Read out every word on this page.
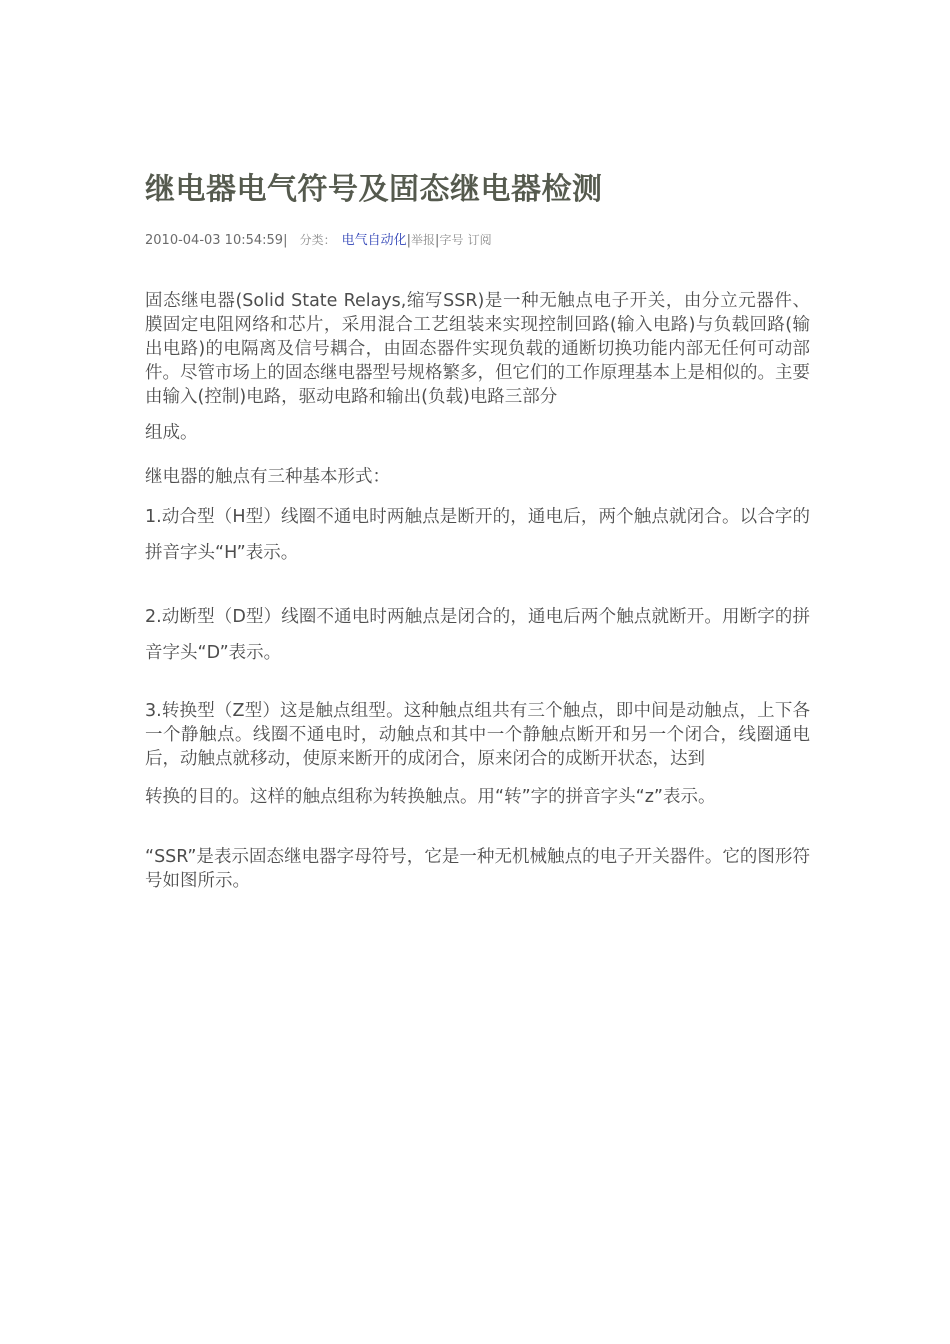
继电器电气符号及固态继电器检测
2010-04-03 10:54:59| 分类： 电气自动化|举报|字号 订阅

固态继电器(Solid State Relays,缩写SSR)是一种无触点电子开关，由分立元器件、膜固定电阻网络和芯片，采用混合工艺组装来实现控制回路(输入电路)与负载回路(输出电路)的电隔离及信号耦合，由固态器件实现负载的通断切换功能内部无任何可动部件。尽管市场上的固态继电器型号规格繁多，但它们的工作原理基本上是相似的。主要由输入(控制)电路，驱动电路和输出(负载)电路三部分
组成。

继电器的触点有三种基本形式：

1.动合型（H型）线圈不通电时两触点是断开的，通电后，两个触点就闭合。以合字的拼音字头“H”表示。

2.动断型（D型）线圈不通电时两触点是闭合的，通电后两个触点就断开。用断字的拼音字头“D”表示。

3.转换型（Z型）这是触点组型。这种触点组共有三个触点，即中间是动触点，上下各一个静触点。线圈不通电时，动触点和其中一个静触点断开和另一个闭合，线圈通电后，动触点就移动，使原来断开的成闭合，原来闭合的成断开状态，达到
转换的目的。这样的触点组称为转换触点。用“转”字的拼音字头“z”表示。

“SSR”是表示固态继电器字母符号，它是一种无机械触点的电子开关器件。它的图形符号如图所示。
